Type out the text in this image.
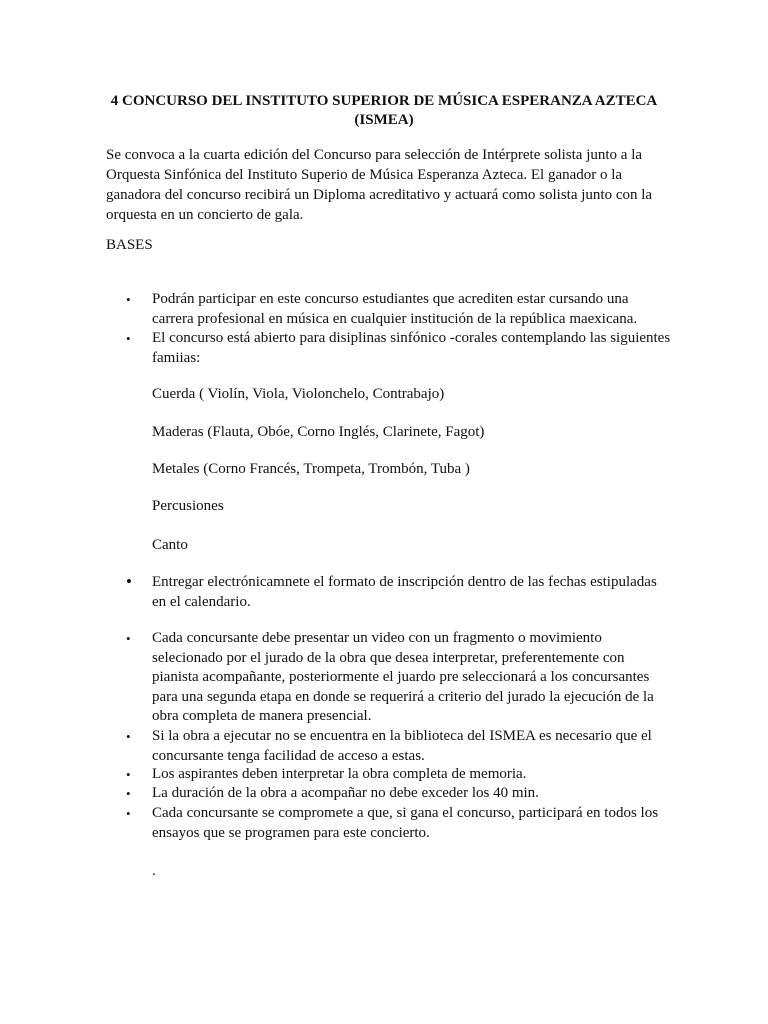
4 CONCURSO DEL INSTITUTO SUPERIOR DE MÚSICA ESPERANZA AZTECA (ISMEA)

Se convoca a la cuarta edición del Concurso para selección de Intérprete solista junto a la Orquesta Sinfónica del Instituto Superio de Música Esperanza Azteca. El ganador o la ganadora del concurso recibirá un Diploma acreditativo y actuará como solista junto con la orquesta en un concierto de gala.

BASES

• Podrán participar en este concurso estudiantes que acrediten estar cursando una carrera profesional en música en cualquier institución de la república maexicana.

• El concurso está abierto para disiplinas sinfónico -corales contemplando las siguientes famiias:

Cuerda ( Violín, Viola, Violonchelo, Contrabajo)

Maderas (Flauta, Obóe, Corno Inglés, Clarinete, Fagot)

Metales (Corno Francés, Trompeta, Trombón, Tuba )

Percusiones

Canto

• Entregar electrónicamnete el formato de inscripción dentro de las fechas estipuladas en el calendario.

• Cada concursante debe presentar un video con un fragmento o movimiento selecionado por el jurado de la obra que desea interpretar, preferentemente con pianista acompañante, posteriormente el juardo pre seleccionará a los concursantes para una segunda etapa en donde se requerirá a criterio del jurado la ejecución de la obra completa de manera presencial.

• Si la obra a ejecutar no se encuentra en la biblioteca del ISMEA es necesario que el concursante tenga facilidad de acceso a estas.

• Los aspirantes deben interpretar la obra completa de memoria.

• La duración de la obra a acompañar no debe exceder los 40 min.

• Cada concursante se compromete a que, si gana el concurso, participará en todos los ensayos que se programen para este concierto.

.
